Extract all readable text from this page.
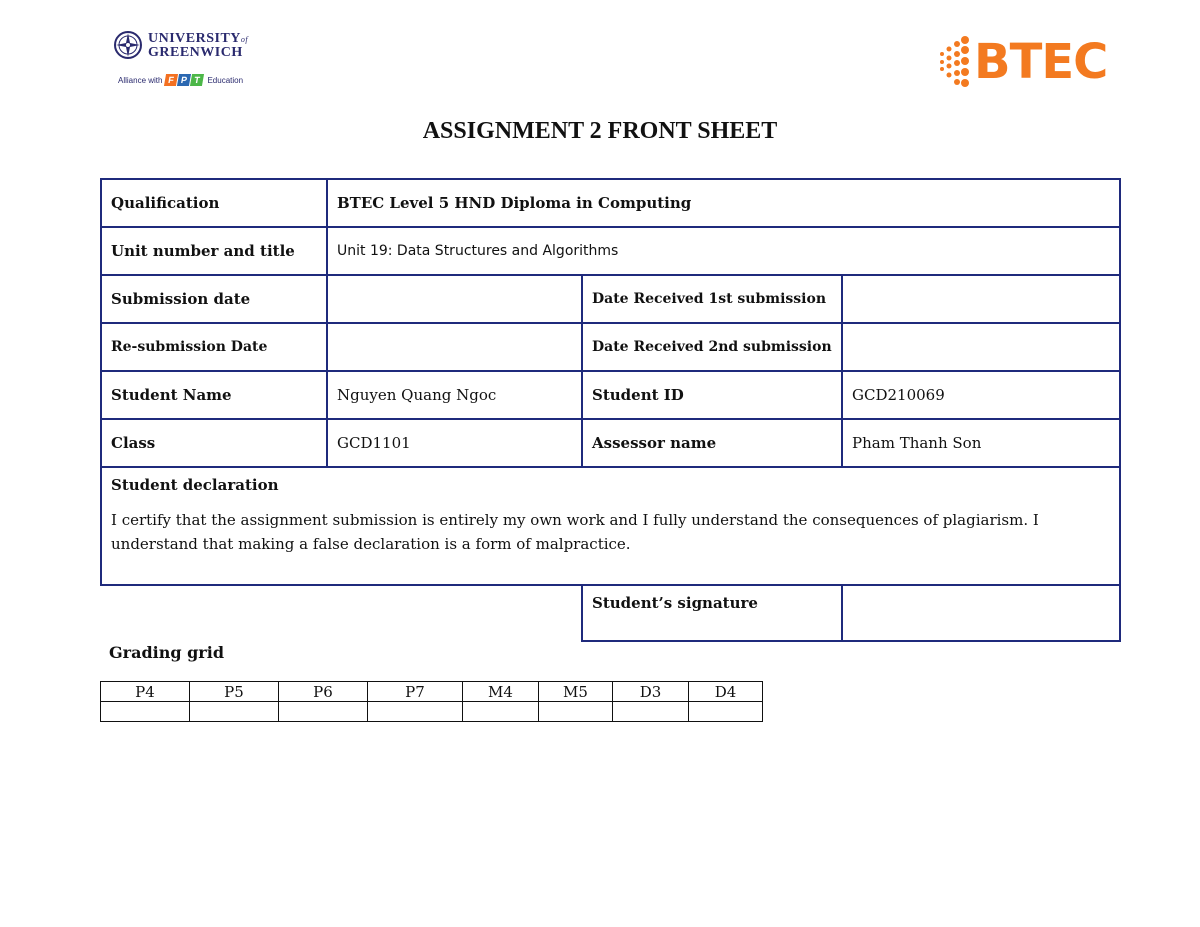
UNIVERSITYof
GREENWICH
Alliance with F P T Education	BTEC
ASSIGNMENT 2 FRONT SHEET
Qualification	BTEC Level 5 HND Diploma in Computing		
Unit number and title	Unit 19: Data Structures and Algorithms		
Submission date		Date Received 1st submission	
Re-submission Date		Date Received 2nd submission	
Student Name	Nguyen Quang Ngoc	Student ID	GCD210069
Class	GCD1101	Assessor name	Pham Thanh Son

Student declaration
I certify that the assignment submission is entirely my own work and I fully understand the consequences of plagiarism. I understand that making a false declaration is a form of malpractice.			

		Student’s signature	
Grading grid
P4	P5	P6	P7	M4	M5	D3	D4
